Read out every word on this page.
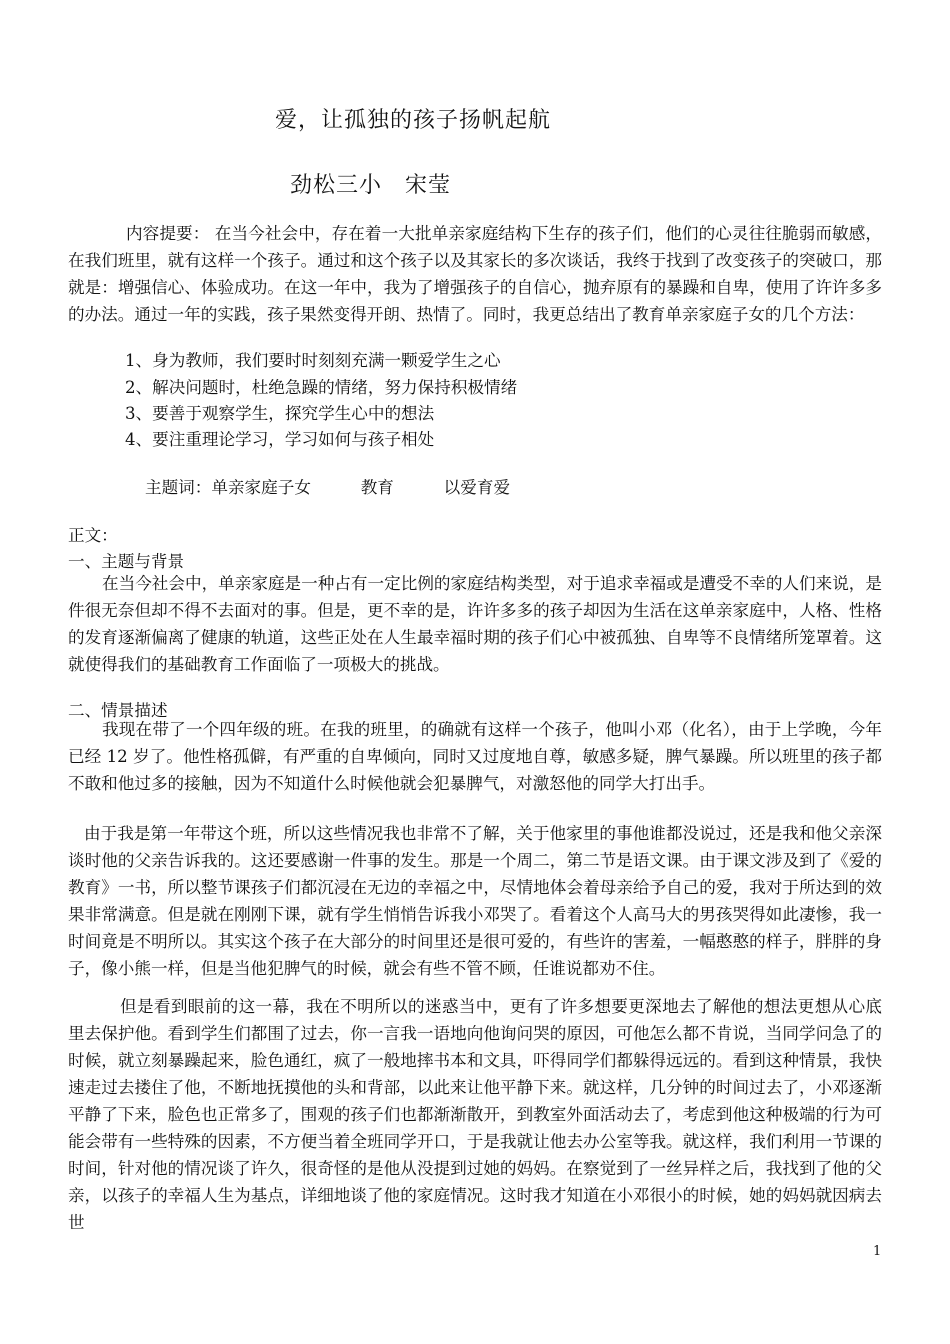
爱，让孤独的孩子扬帆起航
劲松三小　宋莹
内容提要： 在当今社会中，存在着一大批单亲家庭结构下生存的孩子们，他们的心灵往往脆弱而敏感，在我们班里，就有这样一个孩子。通过和这个孩子以及其家长的多次谈话，我终于找到了改变孩子的突破口，那就是：增强信心、体验成功。在这一年中，我为了增强孩子的自信心，抛弃原有的暴躁和自卑，使用了许许多多的办法。通过一年的实践，孩子果然变得开朗、热情了。同时，我更总结出了教育单亲家庭子女的几个方法：
1、身为教师，我们要时时刻刻充满一颗爱学生之心
2、解决问题时，杜绝急躁的情绪，努力保持积极情绪
3、要善于观察学生，探究学生心中的想法
4、要注重理论学习，学习如何与孩子相处
主题词：单亲家庭子女　　　教育　　　以爱育爱
正文：
一、主题与背景
在当今社会中，单亲家庭是一种占有一定比例的家庭结构类型，对于追求幸福或是遭受不幸的人们来说，是件很无奈但却不得不去面对的事。但是，更不幸的是，许许多多的孩子却因为生活在这单亲家庭中，人格、性格的发育逐渐偏离了健康的轨道，这些正处在人生最幸福时期的孩子们心中被孤独、自卑等不良情绪所笼罩着。这就使得我们的基础教育工作面临了一项极大的挑战。
二、情景描述
我现在带了一个四年级的班。在我的班里，的确就有这样一个孩子，他叫小邓（化名），由于上学晚，今年已经 12 岁了。他性格孤僻，有严重的自卑倾向，同时又过度地自尊，敏感多疑，脾气暴躁。所以班里的孩子都不敢和他过多的接触，因为不知道什么时候他就会犯暴脾气，对激怒他的同学大打出手。
由于我是第一年带这个班，所以这些情况我也非常不了解，关于他家里的事他谁都没说过，还是我和他父亲深谈时他的父亲告诉我的。这还要感谢一件事的发生。那是一个周二，第二节是语文课。由于课文涉及到了《爱的教育》一书，所以整节课孩子们都沉浸在无边的幸福之中，尽情地体会着母亲给予自己的爱，我对于所达到的效果非常满意。但是就在刚刚下课，就有学生悄悄告诉我小邓哭了。看着这个人高马大的男孩哭得如此凄惨，我一时间竟是不明所以。其实这个孩子在大部分的时间里还是很可爱的，有些许的害羞，一幅憨憨的样子，胖胖的身子，像小熊一样，但是当他犯脾气的时候，就会有些不管不顾，任谁说都劝不住。
但是看到眼前的这一幕，我在不明所以的迷惑当中，更有了许多想要更深地去了解他的想法更想从心底里去保护他。看到学生们都围了过去，你一言我一语地向他询问哭的原因，可他怎么都不肯说，当同学问急了的时候，就立刻暴躁起来，脸色通红，疯了一般地摔书本和文具，吓得同学们都躲得远远的。看到这种情景，我快速走过去搂住了他，不断地抚摸他的头和背部，以此来让他平静下来。就这样，几分钟的时间过去了，小邓逐渐平静了下来，脸色也正常多了，围观的孩子们也都渐渐散开，到教室外面活动去了，考虑到他这种极端的行为可能会带有一些特殊的因素，不方便当着全班同学开口，于是我就让他去办公室等我。就这样，我们利用一节课的时间，针对他的情况谈了许久，很奇怪的是他从没提到过她的妈妈。在察觉到了一丝异样之后，我找到了他的父亲，以孩子的幸福人生为基点，详细地谈了他的家庭情况。这时我才知道在小邓很小的时候，她的妈妈就因病去世
1
